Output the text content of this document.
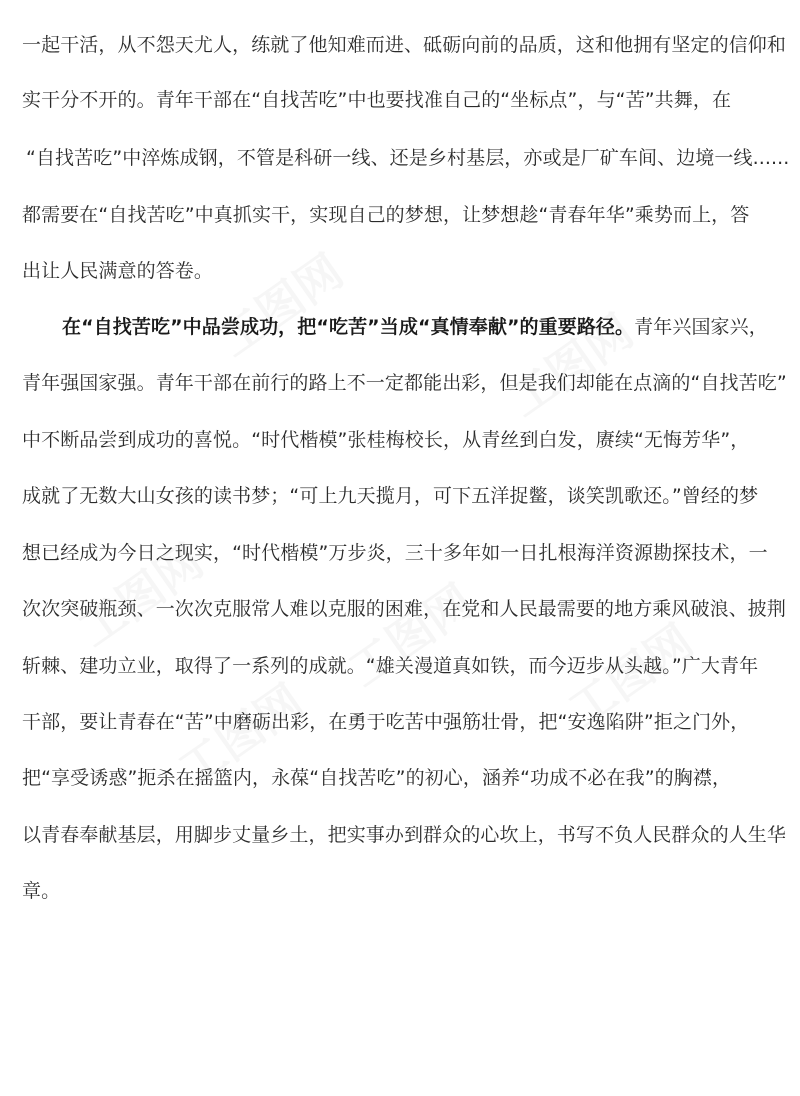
工图网	工图网
工图网	工图网 工图网
工图网
一起干活，从不怨天尤人，练就了他知难而进、砥砺向前的品质，这和他拥有坚定的信仰和
实干分不开的。青年干部在“自找苦吃”中也要找准自己的“坐标点”，与“苦”共舞，在
“自找苦吃”中淬炼成钢，不管是科研一线、还是乡村基层，亦或是厂矿车间、边境一线......
都需要在“自找苦吃”中真抓实干，实现自己的梦想，让梦想趁“青春年华”乘势而上，答
出让人民满意的答卷。
在“自找苦吃”中品尝成功，把“吃苦”当成“真情奉献”的重要路径。青年兴国家兴，
青年强国家强。青年干部在前行的路上不一定都能出彩，但是我们却能在点滴的“自找苦吃”
中不断品尝到成功的喜悦。“时代楷模”张桂梅校长，从青丝到白发，赓续“无悔芳华”，
成就了无数大山女孩的读书梦；“可上九天揽月，可下五洋捉鳖，谈笑凯歌还。”曾经的梦
想已经成为今日之现实，“时代楷模”万步炎，三十多年如一日扎根海洋资源勘探技术，一
次次突破瓶颈、一次次克服常人难以克服的困难，在党和人民最需要的地方乘风破浪、披荆
斩棘、建功立业，取得了一系列的成就。“雄关漫道真如铁，而今迈步从头越。”广大青年
干部，要让青春在“苦”中磨砺出彩，在勇于吃苦中强筋壮骨，把“安逸陷阱”拒之门外，
把“享受诱惑”扼杀在摇篮内，永葆“自找苦吃”的初心，涵养“功成不必在我”的胸襟，
以青春奉献基层，用脚步丈量乡土，把实事办到群众的心坎上，书写不负人民群众的人生华
章。
